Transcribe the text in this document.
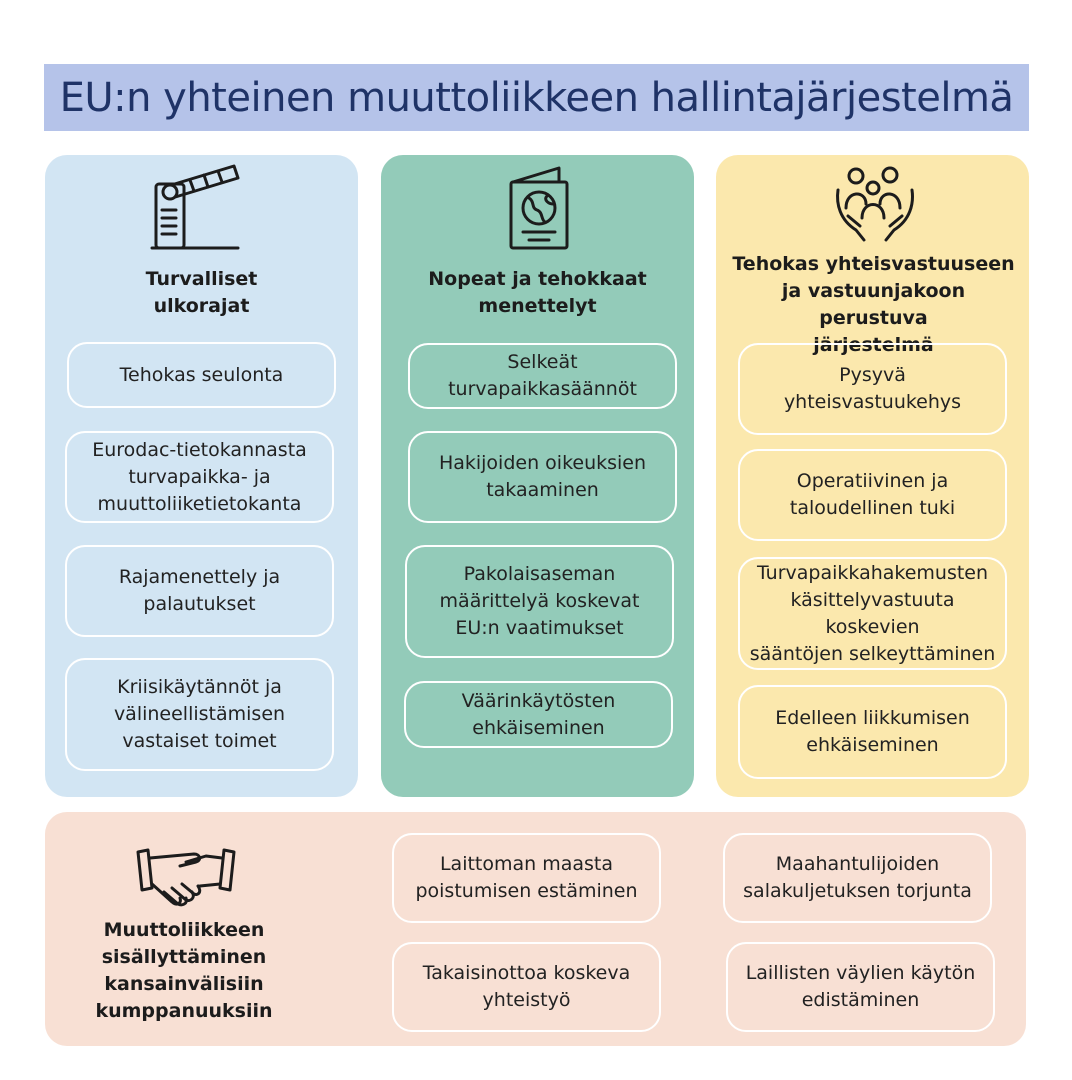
EU:n yhteinen muuttoliikkeen hallintajärjestelmä
Turvalliset
ulkorajat
Tehokas seulonta
Eurodac-tietokannasta
turvapaikka- ja
muuttoliiketietokanta
Rajamenettely ja
palautukset
Kriisikäytännöt ja
välineellistämisen
vastaiset toimet
Nopeat ja tehokkaat
menettelyt
Selkeät
turvapaikkasäännöt
Hakijoiden oikeuksien
takaaminen
Pakolaisaseman
määrittelyä koskevat
EU:n vaatimukset
Väärinkäytösten
ehkäiseminen
Tehokas yhteisvastuuseen
ja vastuunjakoon perustuva
järjestelmä
Pysyvä
yhteisvastuukehys
Operatiivinen ja
taloudellinen tuki
Turvapaikkahakemusten
käsittelyvastuuta koskevien
sääntöjen selkeyttäminen
Edelleen liikkumisen
ehkäiseminen
Muuttoliikkeen
sisällyttäminen
kansainvälisiin
kumppanuuksiin
Laittoman maasta
poistumisen estäminen
Maahantulijoiden
salakuljetuksen torjunta
Takaisinottoa koskeva
yhteistyö
Laillisten väylien käytön
edistäminen
